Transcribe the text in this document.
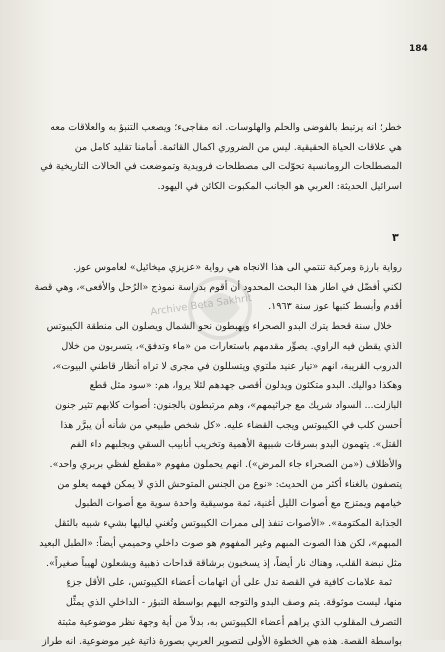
184
خطر؛ انه يرتبط بالفوضى والحلم والهلوسات. انه مفاجىء؛ ويصعب التنبؤ به والعلاقات معه
هي علاقات الحياة الحقيقية. ليس من الضروري اكمال القائمة. أمامنا تقليد كامل من
المصطلحات الرومانسية تحوّلت الى مصطلحات فرويدية وتموضعت في الحالات التاريخية في
اسرائيل الحديثة: العربي هو الجانب المكبوت الكائن في اليهود.
٣
Archive Beta Sakhrit
رواية بارزة ومركبة تنتمي الى هذا الانجاه هي رواية «عزيزي ميخائيل» لعاموس عوز.
لكني أفضّل في اطار هذا البحث المحدود أن أقوم بدراسة نموذج «الرُحل والأفعى»، وهي قصة
أقدم وأبسط كتبها عوز سنة ١٩٦٣.
خلال سنة قحط يترك البدو الصحراء ويهبطون نحو الشمال ويصلون الى منطقة الكيبوتس
الذي يقطن فيه الراوي. يصوِّر مقدمهم باستعارات من «ماء وتدفق»، يتسربون من خلال
الدروب القريبة، انهم «تيار عنيد ملتوي ويتسللون في مجرى لا تراه أنظار قاطني البيوت»،
وهكذا دواليك. البدو متكئون ويدلون أقصى جهدهم لئلا يروا، هم: «سود مثل قطع
البازلت... السواد شريك مع جراثيمهم»، وهم مرتبطون بالجنون: أصوات كلابهم تثير جنون
أحسن كلب في الكيبوتس ويجب القضاء عليه. «كل شخص طبيعي من شأنه أن يبرَّر هذا
القتل». يتهمون البدو بسرقات شبيهة الأهمية وتخريب أنابيب السقي وبجلبهم داء الفم
والأظلاف («من الصحراء جاء المرض»). انهم يحملون مفهوم «مقطع لفظي بربري واحد».
يتصفون بالغناء أكثر من الحديث: «نوع من الجنس المتوحش الذي لا يمكن فهمه يعلو من
خيامهم ويمتزج مع أصوات الليل أغنية، ثمة موسيقية واحدة سوية مع أصوات الطبول
الجذابة المكتومة». «الأصوات تنفذ إلى ممرات الكيبوتس وتُغني لياليها بشيء شبيه بالثقل
المبهم»، لكن هذا الصوت المبهم وغير المفهوم هو صوت داخلي وحميمي أيضاً: «الطبل البعيد
مثل نبضة القلب، وهناك نار أيضاً، إذ يسخبون برشاقة قداحات ذهبية ويشعلون لهيباً صغيراً».
ثمة علامات كافية في القصة تدل على أن اتهامات أعضاء الكيبوتس، على الأقل جزءٍ
منها، ليست موثوقة. يتم وصف البدو والتوجه اليهم بواسطة التبؤر - الداخلي الذي يمثِّل
التصرف المقلوب الذي يراهم أعضاء الكيبوتس به، بدلاً من أية وجهة نظر موضوعية مثبتة
بواسطة القصة. هذه هي الخطوة الأولى لتصوير العربي بصورة ذاتية غير موضوعية. انه طراز
